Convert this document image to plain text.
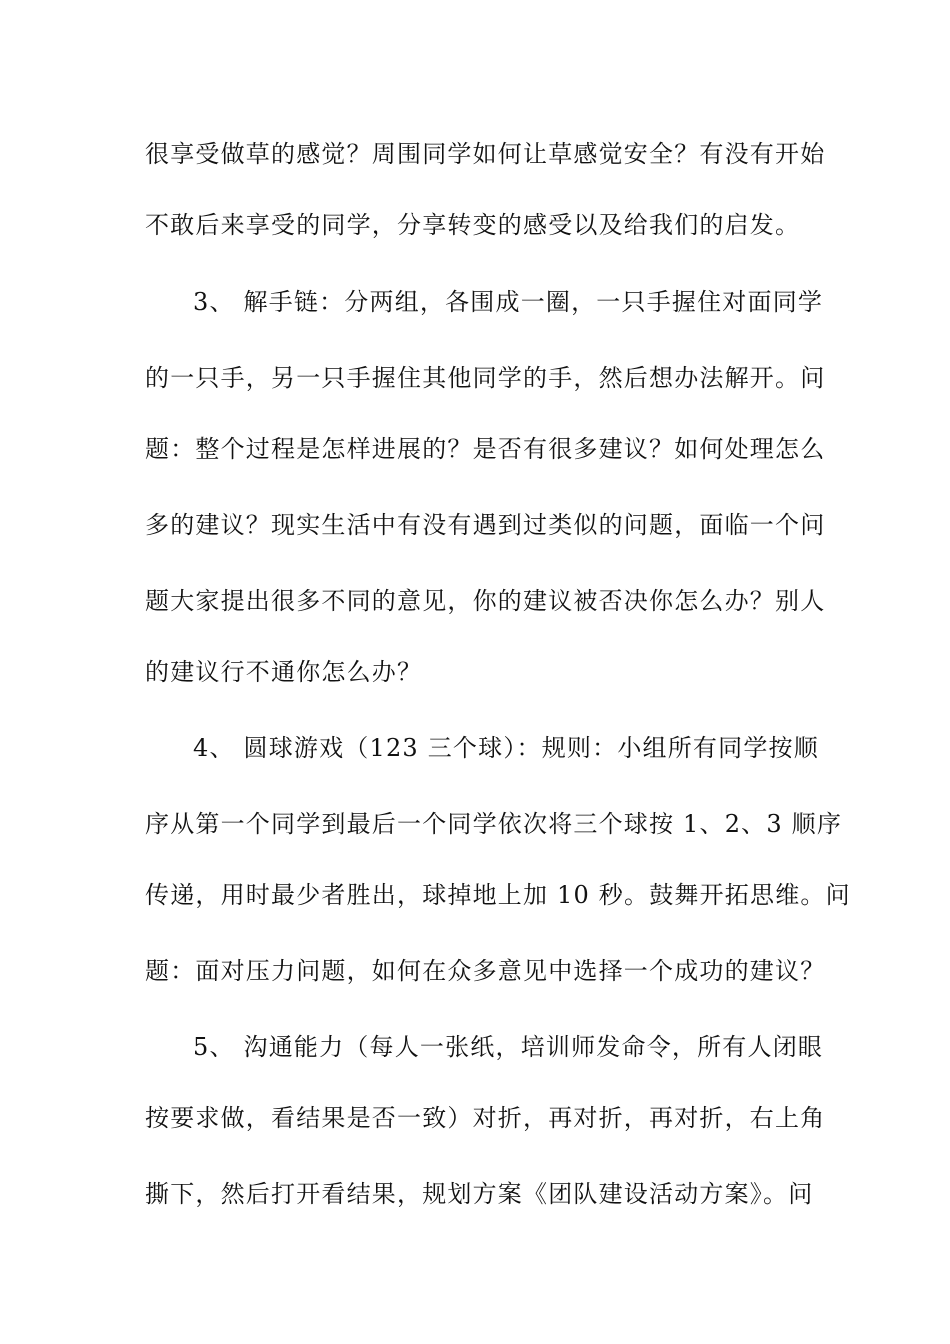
很享受做草的感觉？周围同学如何让草感觉安全？有没有开始
不敢后来享受的同学，分享转变的感受以及给我们的启发。
3、 解手链：分两组，各围成一圈，一只手握住对面同学
的一只手，另一只手握住其他同学的手，然后想办法解开。问
题：整个过程是怎样进展的？是否有很多建议？如何处理怎么
多的建议？现实生活中有没有遇到过类似的问题，面临一个问
题大家提出很多不同的意见，你的建议被否决你怎么办？别人
的建议行不通你怎么办？
4、 圆球游戏（123 三个球）：规则：小组所有同学按顺
序从第一个同学到最后一个同学依次将三个球按 1、2、3 顺序
传递，用时最少者胜出，球掉地上加 10 秒。鼓舞开拓思维。问
题：面对压力问题，如何在众多意见中选择一个成功的建议？
5、 沟通能力（每人一张纸，培训师发命令，所有人闭眼
按要求做，看结果是否一致）对折，再对折，再对折，右上角
撕下，然后打开看结果，规划方案《团队建设活动方案》。问
